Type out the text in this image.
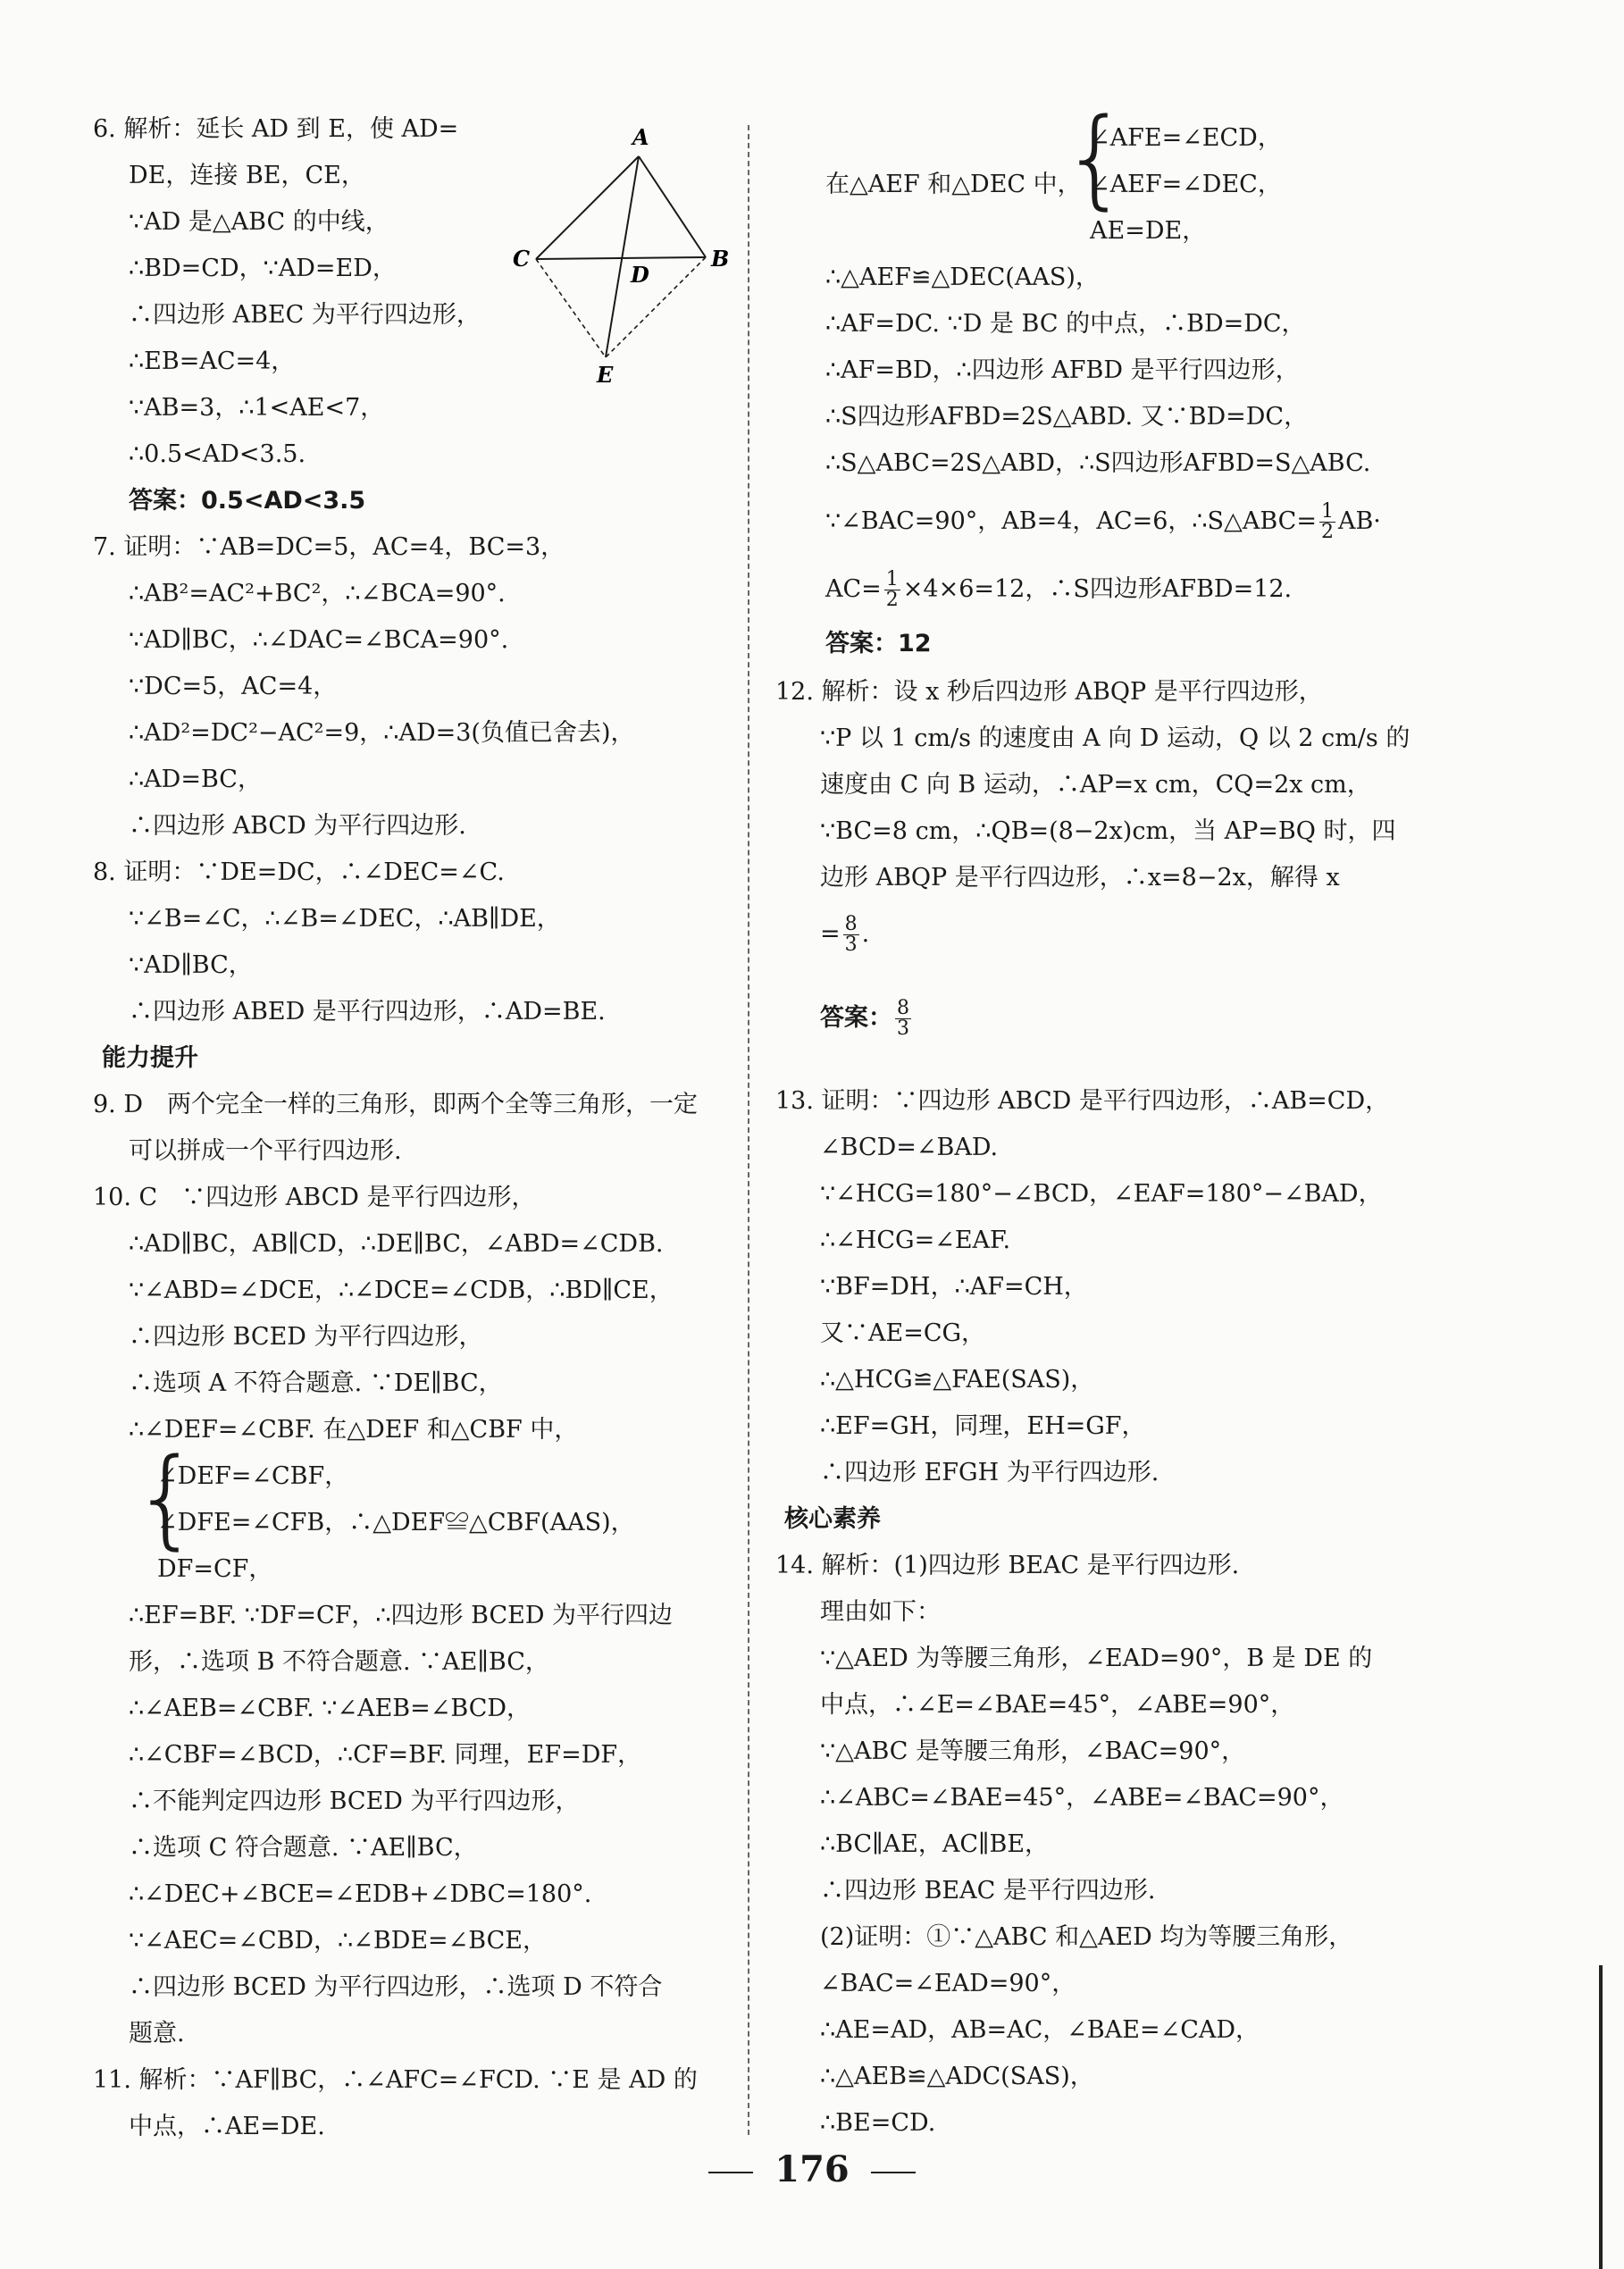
6. 解析：延长 AD 到 E，使 AD=
DE，连接 BE，CE，
∵AD 是△ABC 的中线，
∴BD=CD，∵AD=ED，
∴四边形 ABEC 为平行四边形，
∴EB=AC=4，
∵AB=3，∴1<AE<7，
∴0.5<AD<3.5.
答案：0.5<AD<3.5
7. 证明：∵AB=DC=5，AC=4，BC=3，
∴AB²=AC²+BC²，∴∠BCA=90°.
∵AD∥BC，∴∠DAC=∠BCA=90°.
∵DC=5，AC=4，
∴AD²=DC²−AC²=9，∴AD=3(负值已舍去)，
∴AD=BC，
∴四边形 ABCD 为平行四边形.
8. 证明：∵DE=DC，∴∠DEC=∠C.
∵∠B=∠C，∴∠B=∠DEC，∴AB∥DE，
∵AD∥BC，
∴四边形 ABED 是平行四边形，∴AD=BE.
能力提升
9. D　两个完全一样的三角形，即两个全等三角形，一定
可以拼成一个平行四边形.
10. C　∵四边形 ABCD 是平行四边形，
∴AD∥BC，AB∥CD，∴DE∥BC，∠ABD=∠CDB.
∵∠ABD=∠DCE，∴∠DCE=∠CDB，∴BD∥CE，
∴四边形 BCED 为平行四边形，
∴选项 A 不符合题意. ∵DE∥BC，
∴∠DEF=∠CBF. 在△DEF 和△CBF 中，
{
∠DEF=∠CBF，
∠DFE=∠CFB，∴△DEF≌△CBF(AAS)，
DF=CF，
∴EF=BF. ∵DF=CF，∴四边形 BCED 为平行四边
形，∴选项 B 不符合题意. ∵AE∥BC，
∴∠AEB=∠CBF. ∵∠AEB=∠BCD，
∴∠CBF=∠BCD，∴CF=BF. 同理，EF=DF，
∴不能判定四边形 BCED 为平行四边形，
∴选项 C 符合题意. ∵AE∥BC，
∴∠DEC+∠BCE=∠EDB+∠DBC=180°.
∵∠AEC=∠CBD，∴∠BDE=∠BCE，
∴四边形 BCED 为平行四边形，∴选项 D 不符合
题意.
11. 解析：∵AF∥BC，∴∠AFC=∠FCD. ∵E 是 AD 的
中点，∴AE=DE.
A
B
C
D
E
在△AEF 和△DEC 中，
{
∠AFE=∠ECD，
∠AEF=∠DEC，
AE=DE，
∴△AEF≌△DEC(AAS)，
∴AF=DC. ∵D 是 BC 的中点，∴BD=DC，
∴AF=BD，∴四边形 AFBD 是平行四边形，
∴S四边形AFBD=2S△ABD. 又∵BD=DC，
∴S△ABC=2S△ABD，∴S四边形AFBD=S△ABC.
∵∠BAC=90°，AB=4，AC=6，∴S△ABC= $\frac{1}{2} AB\cdot$
$AC= \frac{1}{2} \times 4\times 6=12$，∴S四边形AFBD=12.
答案：12
12. 解析：设 x 秒后四边形 ABQP 是平行四边形，
∵P 以 1 cm/s 的速度由 A 向 D 运动，Q 以 2 cm/s 的
速度由 C 向 B 运动，∴AP=x cm，CQ=2x cm，
∵BC=8 cm，∴QB=(8−2x)cm，当 AP=BQ 时，四
边形 ABQP 是平行四边形，∴x=8−2x，解得 x
= $\frac{8}{3}$ .
答案： $\frac{8}{3}$
13. 证明：∵四边形 ABCD 是平行四边形，∴AB=CD，
∠BCD=∠BAD.
∵∠HCG=180°−∠BCD，∠EAF=180°−∠BAD，
∴∠HCG=∠EAF.
∵BF=DH，∴AF=CH，
又∵AE=CG，
∴△HCG≌△FAE(SAS)，
∴EF=GH，同理，EH=GF，
∴四边形 EFGH 为平行四边形.
核心素养
14. 解析：(1)四边形 BEAC 是平行四边形.
理由如下：
∵△AED 为等腰三角形，∠EAD=90°，B 是 DE 的
中点，∴∠E=∠BAE=45°，∠ABE=90°，
∵△ABC 是等腰三角形，∠BAC=90°，
∴∠ABC=∠BAE=45°，∠ABE=∠BAC=90°，
∴BC∥AE，AC∥BE，
∴四边形 BEAC 是平行四边形.
(2)证明：①∵△ABC 和△AED 均为等腰三角形，
∠BAC=∠EAD=90°，
∴AE=AD，AB=AC，∠BAE=∠CAD，
∴△AEB≌△ADC(SAS)，
∴BE=CD.
176
